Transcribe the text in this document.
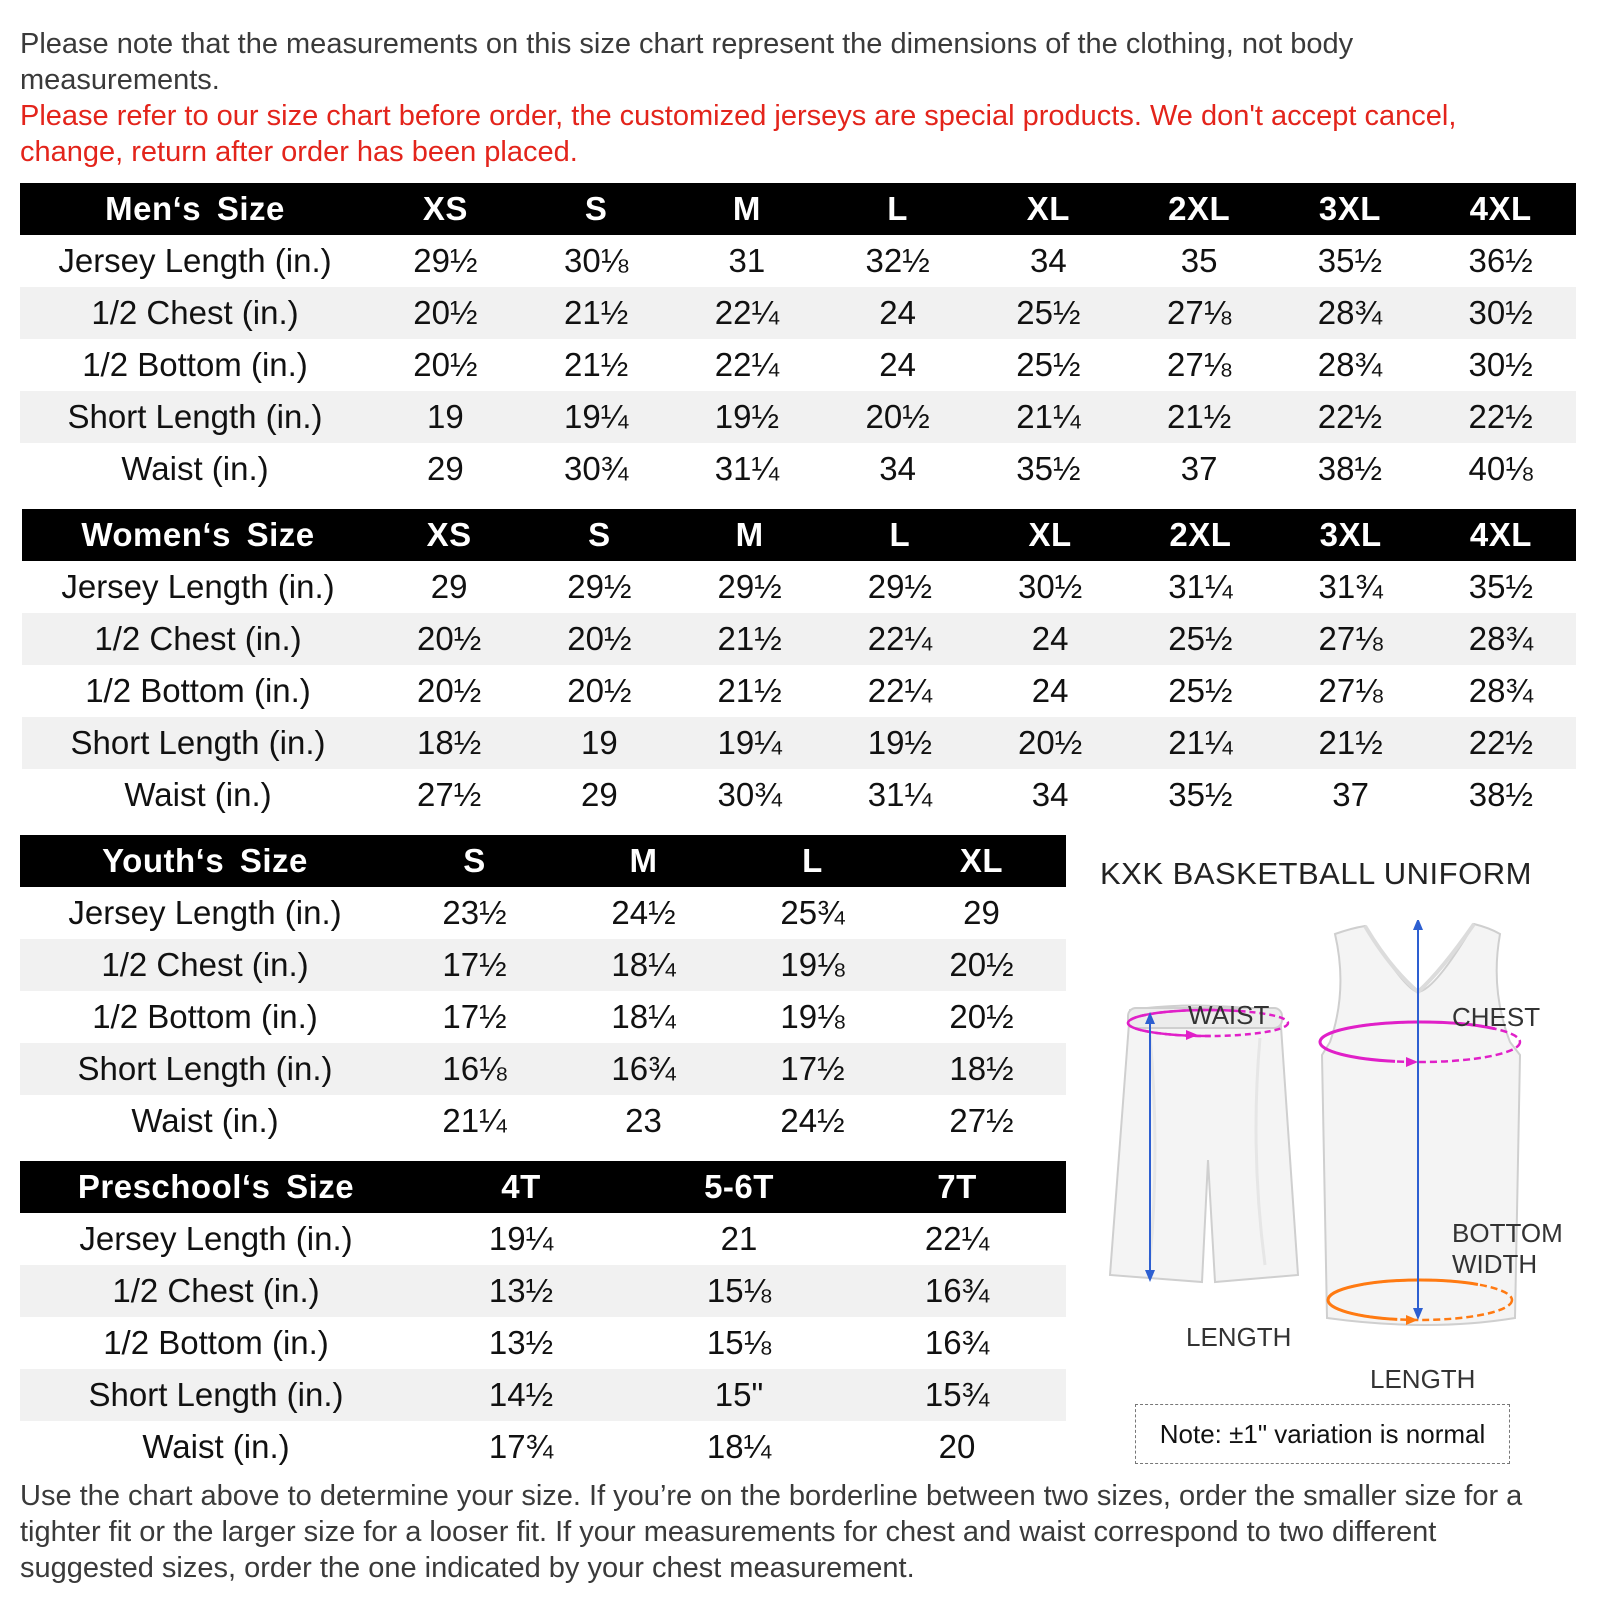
Please note that the measurements on this size chart represent the dimensions of the clothing, not body measurements.

Please refer to our size chart before order, the customized jerseys are special products. We don't accept cancel, change, return after order has been placed.

Men‘s Size	XS	S	M	L	XL	2XL	3XL	4XL
Jersey Length (in.)	29½	30⅛	31	32½	34	35	35½	36½
1/2 Chest (in.)	20½	21½	22¼	24	25½	27⅛	28¾	30½
1/2 Bottom (in.)	20½	21½	22¼	24	25½	27⅛	28¾	30½
Short Length (in.)	19	19¼	19½	20½	21¼	21½	22½	22½
Waist (in.)	29	30¾	31¼	34	35½	37	38½	40⅛
Women‘s Size	XS	S	M	L	XL	2XL	3XL	4XL
Jersey Length (in.)	29	29½	29½	29½	30½	31¼	31¾	35½
1/2 Chest (in.)	20½	20½	21½	22¼	24	25½	27⅛	28¾
1/2 Bottom (in.)	20½	20½	21½	22¼	24	25½	27⅛	28¾
Short Length (in.)	18½	19	19¼	19½	20½	21¼	21½	22½
Waist (in.)	27½	29	30¾	31¼	34	35½	37	38½
Youth‘s Size	S	M	L	XL
Jersey Length (in.)	23½	24½	25¾	29
1/2 Chest (in.)	17½	18¼	19⅛	20½
1/2 Bottom (in.)	17½	18¼	19⅛	20½
Short Length (in.)	16⅛	16¾	17½	18½
Waist (in.)	21¼	23	24½	27½
Preschool‘s Size	4T	5-6T	7T
Jersey Length (in.)	19¼	21	22¼
1/2 Chest (in.)	13½	15⅛	16¾
1/2 Bottom (in.)	13½	15⅛	16¾
Short Length (in.)	14½	15"	15¾
Waist (in.)	17¾	18¼	20
KXK BASKETBALL UNIFORM
WAIST	CHEST
BOTTOM WIDTH
LENGTH
LENGTH
Note: ±1" variation is normal

Use the chart above to determine your size. If you’re on the borderline between two sizes, order the smaller size for a tighter fit or the larger size for a looser fit. If your measurements for chest and waist correspond to two different suggested sizes, order the one indicated by your chest measurement.
